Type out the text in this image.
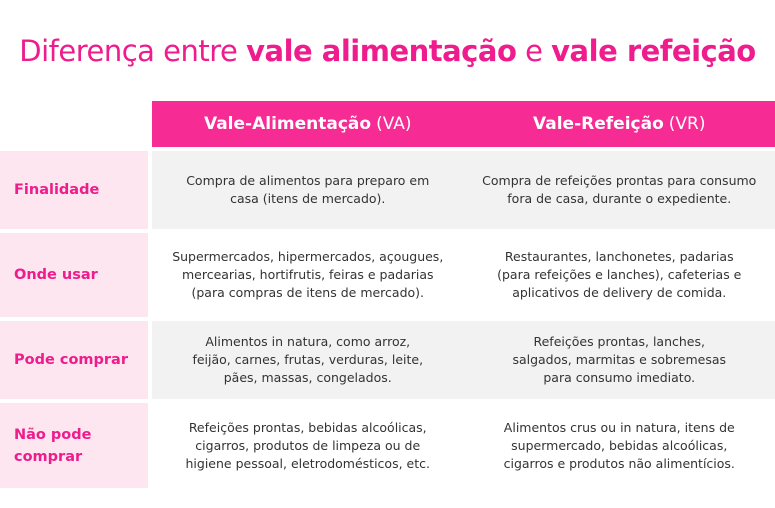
Diferença entre vale alimentação e vale refeição
Vale-Alimentação (VA)	Vale-Refeição (VR)
Finalidade
Compra de alimentos para preparo em
casa (itens de mercado).
Compra de refeições prontas para consumo
fora de casa, durante o expediente.
Onde usar
Supermercados, hipermercados, açougues,
mercearias, hortifrutis, feiras e padarias
(para compras de itens de mercado).
Restaurantes, lanchonetes, padarias
(para refeições e lanches), cafeterias e
aplicativos de delivery de comida.
Pode comprar
Alimentos in natura, como arroz,
feijão, carnes, frutas, verduras, leite,
pães, massas, congelados.
Refeições prontas, lanches,
salgados, marmitas e sobremesas
para consumo imediato.
Não pode
comprar
Refeições prontas, bebidas alcoólicas,
cigarros, produtos de limpeza ou de
higiene pessoal, eletrodomésticos, etc.
Alimentos crus ou in natura, itens de
supermercado, bebidas alcoólicas,
cigarros e produtos não alimentícios.
